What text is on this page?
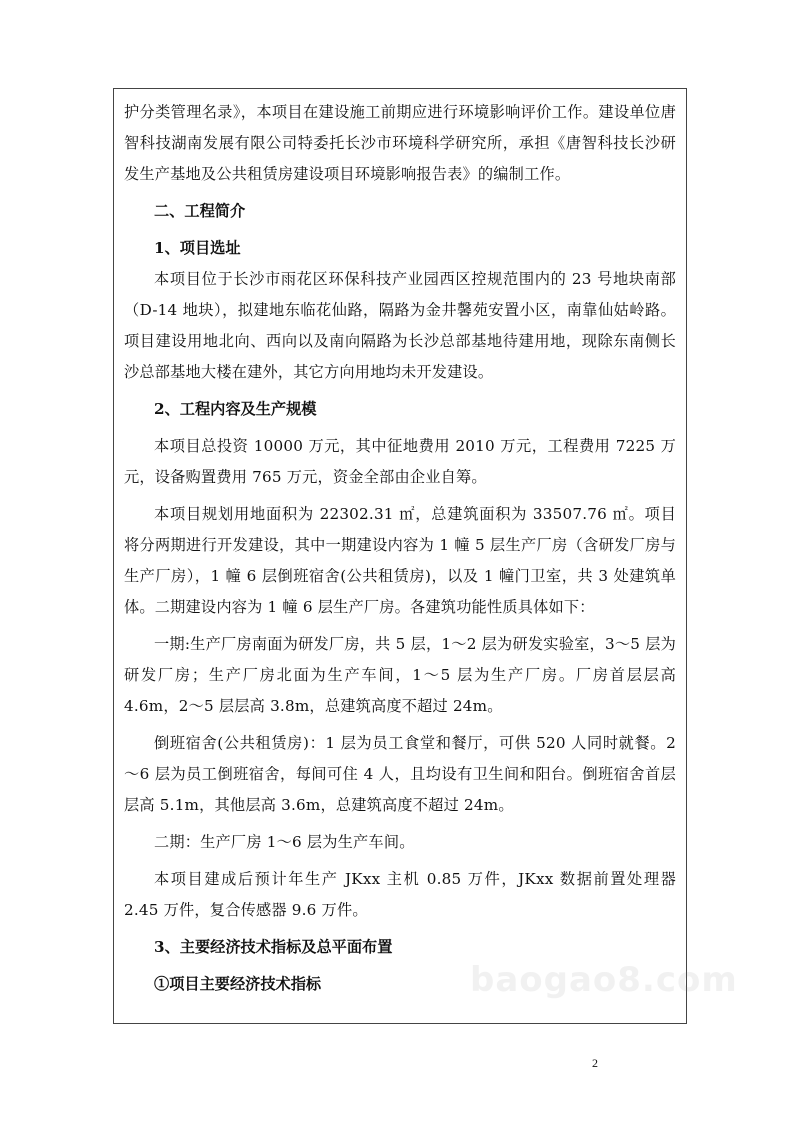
护分类管理名录》，本项目在建设施工前期应进行环境影响评价工作。建设单位唐智科技湖南发展有限公司特委托长沙市环境科学研究所，承担《唐智科技长沙研发生产基地及公共租赁房建设项目环境影响报告表》的编制工作。

二、工程简介

1、项目选址

本项目位于长沙市雨花区环保科技产业园西区控规范围内的 23 号地块南部（D-14 地块），拟建地东临花仙路，隔路为金井馨苑安置小区，南靠仙姑岭路。项目建设用地北向、西向以及南向隔路为长沙总部基地待建用地，现除东南侧长沙总部基地大楼在建外，其它方向用地均未开发建设。

2、工程内容及生产规模

本项目总投资 10000 万元，其中征地费用 2010 万元，工程费用 7225 万元，设备购置费用 765 万元，资金全部由企业自筹。

本项目规划用地面积为 22302.31 ㎡，总建筑面积为 33507.76 ㎡。项目将分两期进行开发建设，其中一期建设内容为 1 幢 5 层生产厂房（含研发厂房与生产厂房），1 幢 6 层倒班宿舍(公共租赁房)，以及 1 幢门卫室，共 3 处建筑单体。二期建设内容为 1 幢 6 层生产厂房。各建筑功能性质具体如下：

一期:生产厂房南面为研发厂房，共 5 层，1～2 层为研发实验室，3～5 层为研发厂房；生产厂房北面为生产车间，1～5 层为生产厂房。厂房首层层高 4.6m，2～5 层层高 3.8m，总建筑高度不超过 24m。

倒班宿舍(公共租赁房)：1 层为员工食堂和餐厅，可供 520 人同时就餐。2～6 层为员工倒班宿舍，每间可住 4 人，且均设有卫生间和阳台。倒班宿舍首层层高 5.1m，其他层高 3.6m，总建筑高度不超过 24m。

二期：生产厂房 1～6 层为生产车间。

本项目建成后预计年生产 JKxx 主机 0.85 万件，JKxx 数据前置处理器 2.45 万件，复合传感器 9.6 万件。

3、主要经济技术指标及总平面布置

①项目主要经济技术指标	baogao8.com
2
